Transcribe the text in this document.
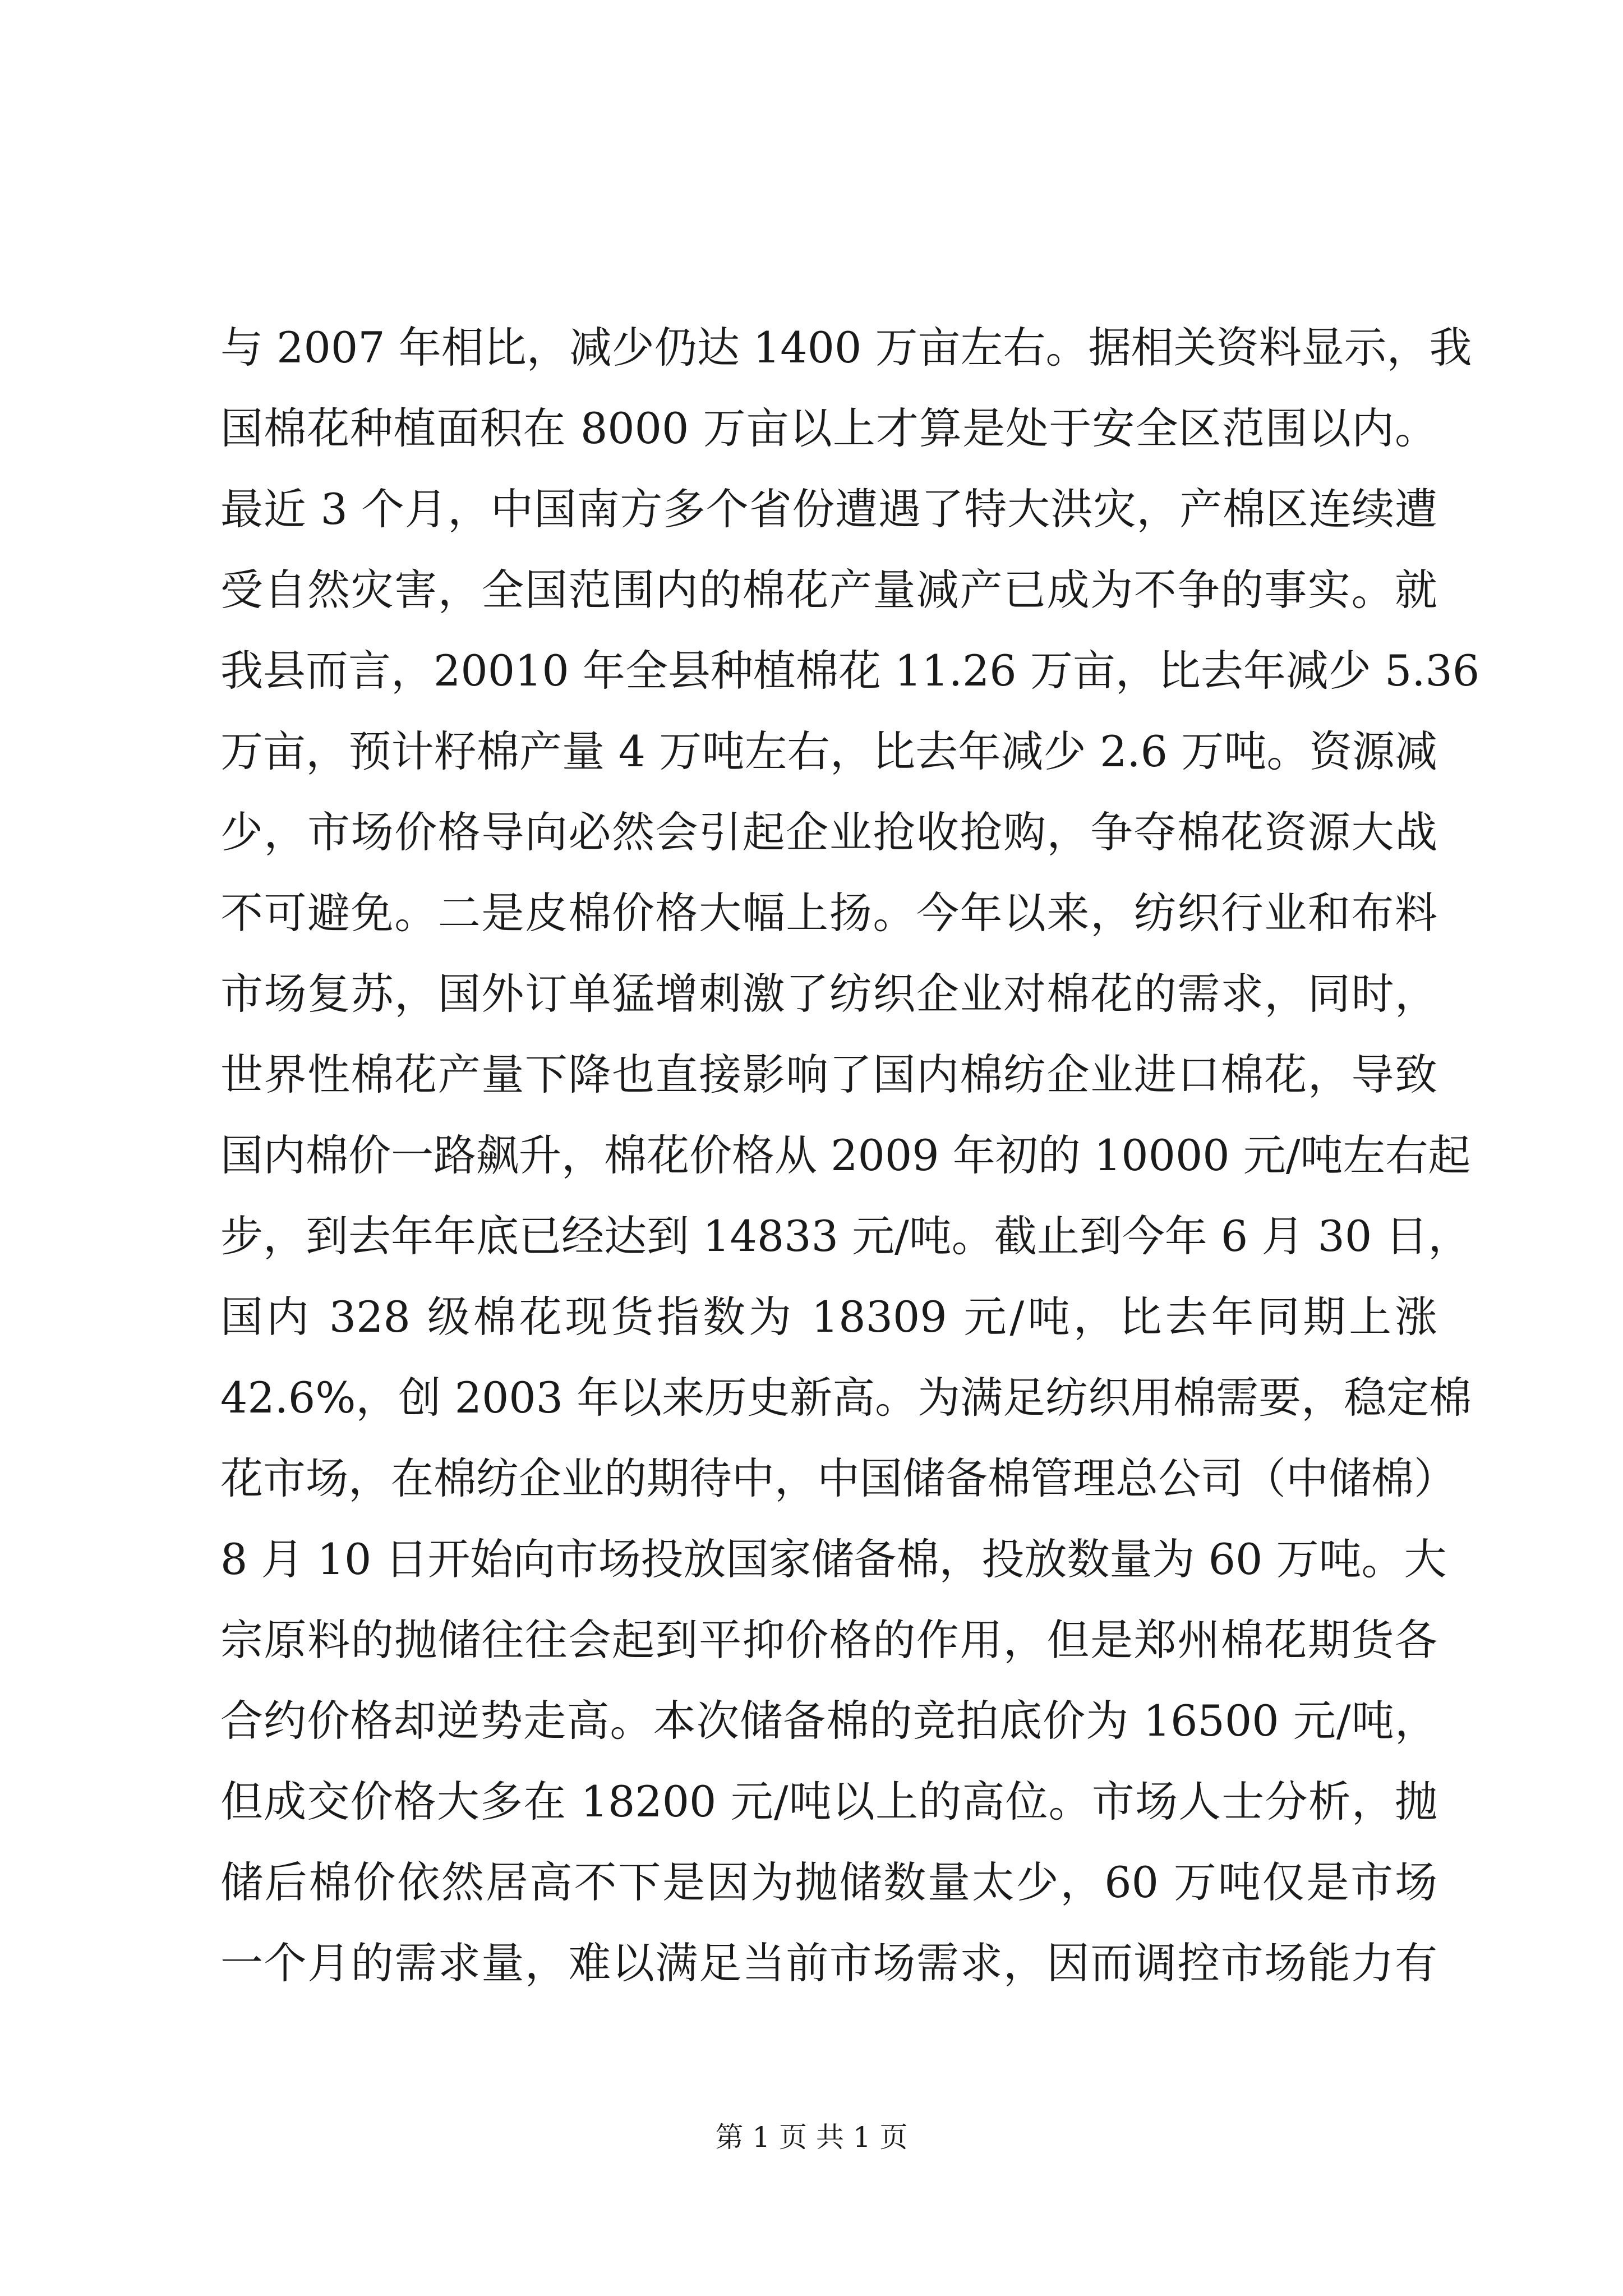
与 2007 年相比，减少仍达 1400 万亩左右。据相关资料显示，我
国棉花种植面积在 8000 万亩以上才算是处于安全区范围以内。
最近 3 个月，中国南方多个省份遭遇了特大洪灾，产棉区连续遭
受自然灾害，全国范围内的棉花产量减产已成为不争的事实。就
我县而言，20010 年全县种植棉花 11.26 万亩，比去年减少 5.36
万亩，预计籽棉产量 4 万吨左右，比去年减少 2.6 万吨。资源减
少，市场价格导向必然会引起企业抢收抢购，争夺棉花资源大战
不可避免。二是皮棉价格大幅上扬。今年以来，纺织行业和布料
市场复苏，国外订单猛增刺激了纺织企业对棉花的需求，同时，
世界性棉花产量下降也直接影响了国内棉纺企业进口棉花，导致
国内棉价一路飙升，棉花价格从 2009 年初的 10000 元/吨左右起
步，到去年年底已经达到 14833 元/吨。截止到今年 6 月 30 日，
国内 328 级棉花现货指数为 18309 元/吨，比去年同期上涨
42.6%，创 2003 年以来历史新高。为满足纺织用棉需要，稳定棉
花市场，在棉纺企业的期待中，中国储备棉管理总公司（中储棉）
8 月 10 日开始向市场投放国家储备棉，投放数量为 60 万吨。大
宗原料的抛储往往会起到平抑价格的作用，但是郑州棉花期货各
合约价格却逆势走高。本次储备棉的竞拍底价为 16500 元/吨，
但成交价格大多在 18200 元/吨以上的高位。市场人士分析，抛
储后棉价依然居高不下是因为抛储数量太少，60 万吨仅是市场
一个月的需求量，难以满足当前市场需求，因而调控市场能力有
第 1 页 共 1 页
